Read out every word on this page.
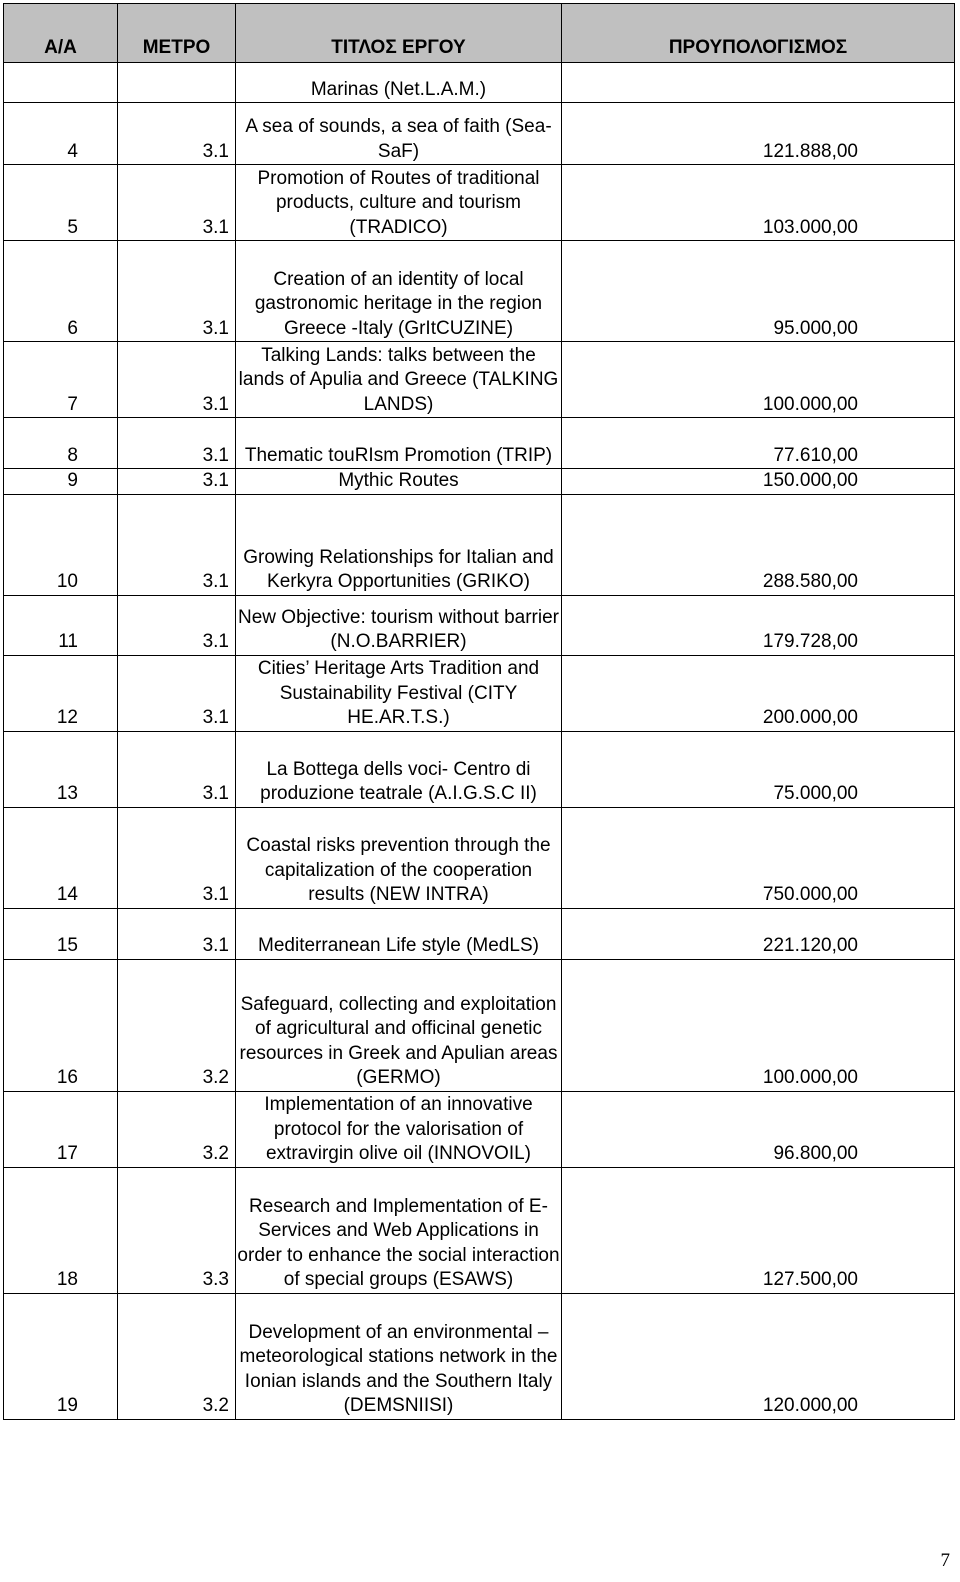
Α/Α	ΜΕΤΡΟ	ΤΙΤΛΟΣ ΕΡΓΟΥ	ΠΡΟΥΠΟΛΟΓΙΣΜΟΣ
		Marinas (Net.L.A.M.)	
4	3.1	A sea of sounds, a sea of faith (Sea-SaF)	121.888,00
5	3.1	Promotion of Routes of traditional products, culture and tourism (TRADICO)	103.000,00
6	3.1	Creation of an identity of local gastronomic heritage in the region Greece -Italy (GrItCUZINE)	95.000,00
7	3.1	Talking Lands: talks between the lands of Apulia and Greece (TALKING LANDS)	100.000,00
8	3.1	Thematic touRIsm Promotion (TRIP)	77.610,00
9	3.1	Mythic Routes	150.000,00
10	3.1	Growing Relationships for Italian and Kerkyra Opportunities (GRIKO)	288.580,00
11	3.1	New Objective: tourism without barrier (N.O.BARRIER)	179.728,00
12	3.1	Cities’ Heritage Arts Tradition and Sustainability Festival (CITY HE.AR.T.S.)	200.000,00
13	3.1	La Bottega dells voci- Centro di produzione teatrale (A.I.G.S.C II)	75.000,00
14	3.1	Coastal risks prevention through the capitalization of the cooperation results (NEW INTRA)	750.000,00
15	3.1	Mediterranean Life style (MedLS)	221.120,00
16	3.2	Safeguard, collecting and exploitation of agricultural and officinal genetic resources in Greek and Apulian areas (GERMO)	100.000,00
17	3.2	Implementation of an innovative protocol for the valorisation of extravirgin olive oil (INNOVOIL)	96.800,00
18	3.3	Research and Implementation of E-Services and Web Applications in order to enhance the social interaction of special groups (ESAWS)	127.500,00
19	3.2	Development of an environmental – meteorological stations network in the Ionian islands and the Southern Italy (DEMSNIISI)	120.000,00
7
